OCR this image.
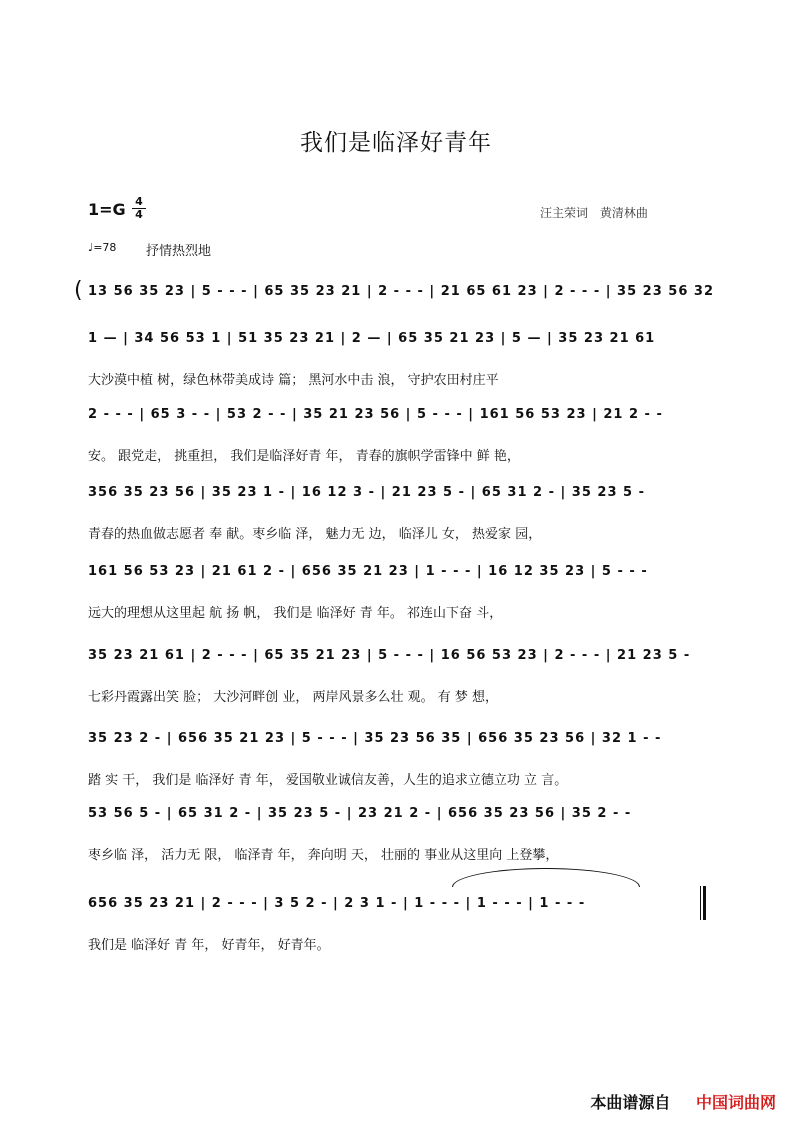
我们是临泽好青年
1=G 4
4	汪主荣词 黄清林曲
♩=78 抒情热烈地
( 13 56 35 23 | 5 - - - | 65 35 23 21 | 2 - - - | 21 65 61 23 | 2 - - - | 35 23 56 32
1 — | 34 56 53 1 | 51 35 23 21 | 2 — | 65 35 21 23 | 5 — | 35 23 21 61
大沙漠中植 树，绿色林带美成诗 篇； 黑河水中击 浪， 守护农田村庄平
2 - - - | 65 3 - - | 53 2 - - | 35 21 23 56 | 5 - - - | 161 56 53 23 | 21 2 - -
安。 跟党走， 挑重担， 我们是临泽好青 年， 青春的旗帜学雷锋中 鲜 艳，
356 35 23 56 | 35 23 1 - | 16 12 3 - | 21 23 5 - | 65 31 2 - | 35 23 5 -
青春的热血做志愿者 奉 献。枣乡临 泽， 魅力无 边， 临泽儿 女， 热爱家 园，
161 56 53 23 | 21 61 2 - | 656 35 21 23 | 1 - - - | 16 12 35 23 | 5 - - -
远大的理想从这里起 航 扬 帆， 我们是 临泽好 青 年。 祁连山下奋 斗，
35 23 21 61 | 2 - - - | 65 35 21 23 | 5 - - - | 16 56 53 23 | 2 - - - | 21 23 5 -
七彩丹霞露出笑 脸； 大沙河畔创 业， 两岸风景多么壮 观。 有 梦 想，
35 23 2 - | 656 35 21 23 | 5 - - - | 35 23 56 35 | 656 35 23 56 | 32 1 - -
踏 实 干， 我们是 临泽好 青 年， 爱国敬业诚信友善，人生的追求立德立功 立 言。
53 56 5 - | 65 31 2 - | 35 23 5 - | 23 21 2 - | 656 35 23 56 | 35 2 - -
枣乡临 泽， 活力无 限， 临泽青 年， 奔向明 天， 壮丽的 事业从这里向 上登攀，
656 35 23 21 | 2 - - - | 3 5 2 - | 2 3 1 - | 1 - - - | 1 - - - | 1 - - -
我们是 临泽好 青 年， 好青年， 好青年。
本曲谱源自 中国词曲网
